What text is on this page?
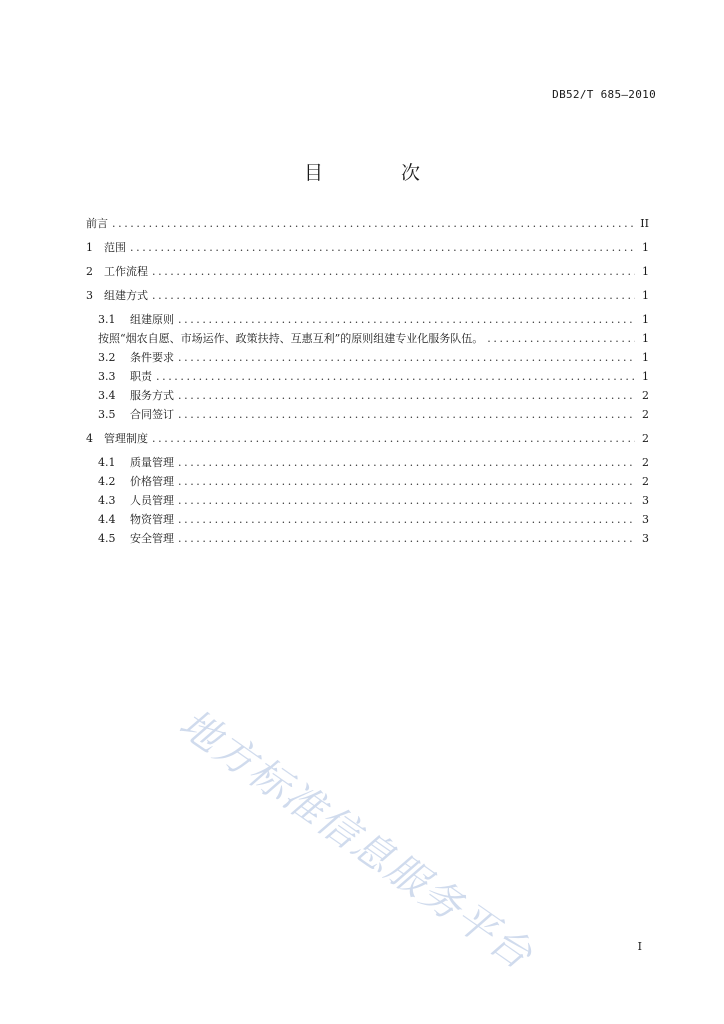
DB52/T 685—2010
目 次
前言 .....	II
1	范围 .....	1
2	工作流程 .....	1
3	组建方式 .....	1
3.1	组建原则 .....	1
按照“烟农自愿、市场运作、政策扶持、互惠互利”的原则组建专业化服务队伍。 .....	1
3.2	条件要求 .....	1
3.3	职责 .....	1
3.4	服务方式 .....	2
3.5	合同签订 .....	2
4	管理制度 .....	2
4.1	质量管理 .....	2
4.2	价格管理 .....	2
4.3	人员管理 .....	3
4.4	物资管理 .....	3
4.5	安全管理 .....	3
地方标准信息服务平台	I
